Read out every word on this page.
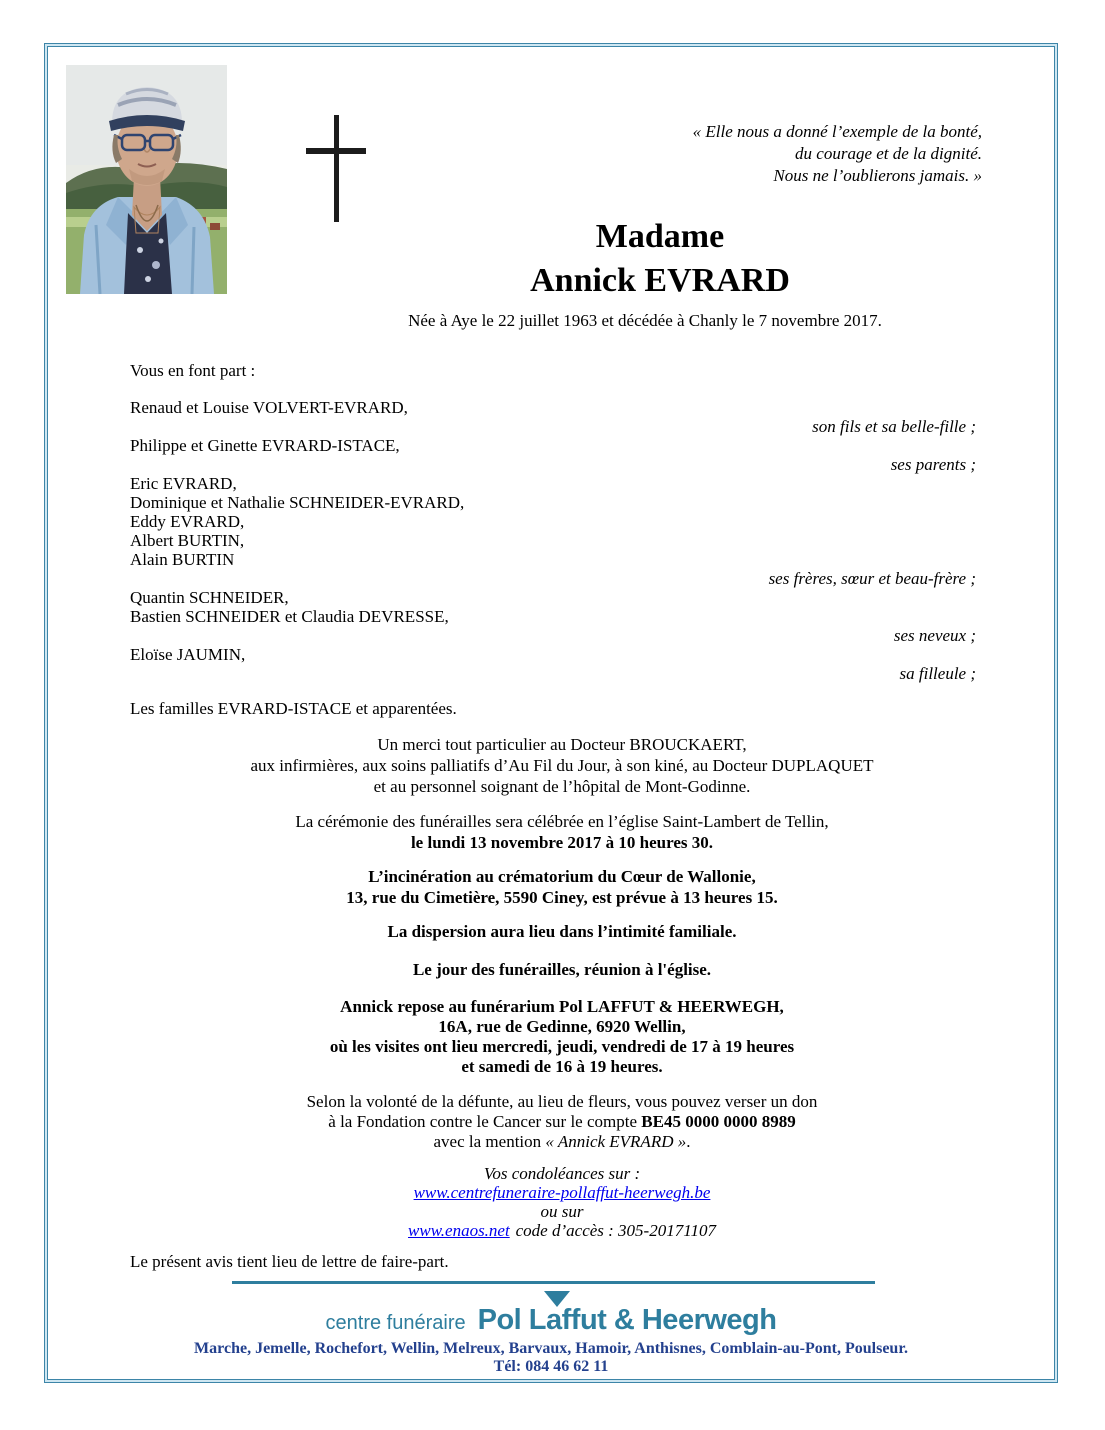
« Elle nous a donné l’exemple de la bonté,
du courage et de la dignité.
Nous ne l’oublierons jamais. »
Madame
Annick EVRARD
Née à Aye le 22 juillet 1963 et décédée à Chanly le 7 novembre 2017.

Vous en font part :

Renaud et Louise VOLVERT-EVRARD,

son fils et sa belle-fille ;

Philippe et Ginette EVRARD-ISTACE,

ses parents ;

Eric EVRARD,

Dominique et Nathalie SCHNEIDER-EVRARD,

Eddy EVRARD,

Albert BURTIN,

Alain BURTIN

ses frères, sœur et beau-frère ;

Quantin SCHNEIDER,

Bastien SCHNEIDER et Claudia DEVRESSE,

ses neveux ;

Eloïse JAUMIN,

sa filleule ;

Les familles EVRARD-ISTACE et apparentées.

Un merci tout particulier au Docteur BROUCKAERT,

aux infirmières, aux soins palliatifs d’Au Fil du Jour, à son kiné, au Docteur DUPLAQUET

et au personnel soignant de l’hôpital de Mont-Godinne.

La cérémonie des funérailles sera célébrée en l’église Saint-Lambert de Tellin,

le lundi 13 novembre 2017 à 10 heures 30.

L’incinération au crématorium du Cœur de Wallonie,

13, rue du Cimetière, 5590 Ciney, est prévue à 13 heures 15.

La dispersion aura lieu dans l’intimité familiale.

Le jour des funérailles, réunion à l'église.

Annick repose au funérarium Pol LAFFUT & HEERWEGH,

16A, rue de Gedinne, 6920 Wellin,

où les visites ont lieu mercredi, jeudi, vendredi de 17 à 19 heures

et samedi de 16 à 19 heures.

Selon la volonté de la défunte, au lieu de fleurs, vous pouvez verser un don

à la Fondation contre le Cancer sur le compte BE45 0000 0000 8989

avec la mention « Annick EVRARD ».

Vos condoléances sur :

www.centrefuneraire-pollaffut-heerwegh.be

ou sur

www.enaos.net code d’accès : 305-20171107

Le présent avis tient lieu de lettre de faire-part.

centre funéraire Pol Laffut & Heerwegh
Marche, Jemelle, Rochefort, Wellin, Melreux, Barvaux, Hamoir, Anthisnes, Comblain-au-Pont, Poulseur.
Tél: 084 46 62 11
